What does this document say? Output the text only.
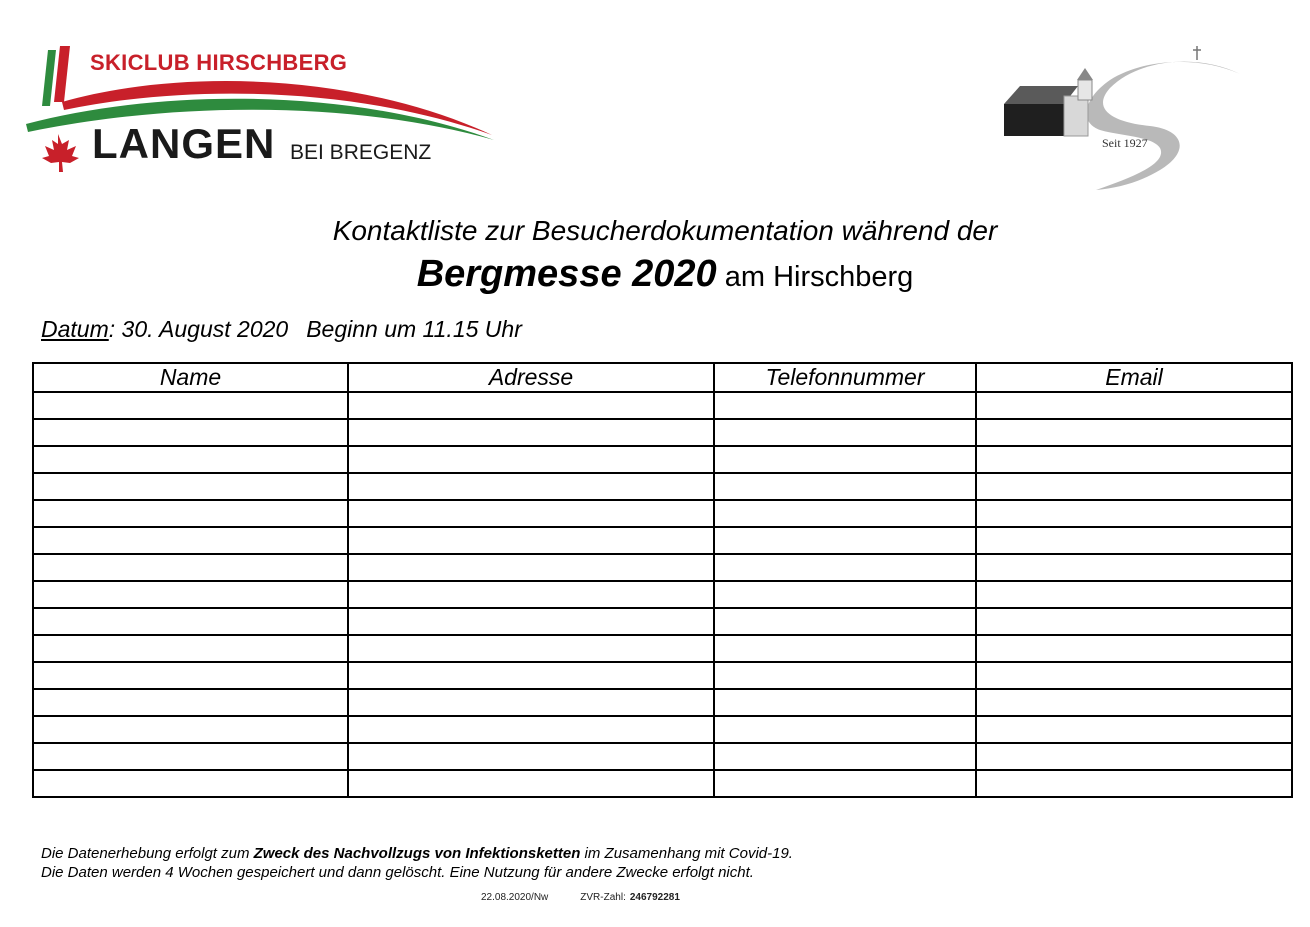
SKICLUB HIRSCHBERG
LANGEN BEI BREGENZ	Seit 1927
Kontaktliste zur Besucherdokumentation während der
Bergmesse 2020 am Hirschberg
Datum: 30. August 2020 Beginn um 11.15 Uhr
Name	Adresse	Telefonnummer	Email

Die Datenerhebung erfolgt zum Zweck des Nachvollzugs von Infektionsketten im Zusamenhang mit Covid-19.
Die Daten werden 4 Wochen gespeichert und dann gelöscht. Eine Nutzung für andere Zwecke erfolgt nicht.
22.08.2020/Nw	ZVR-Zahl: 246792281
